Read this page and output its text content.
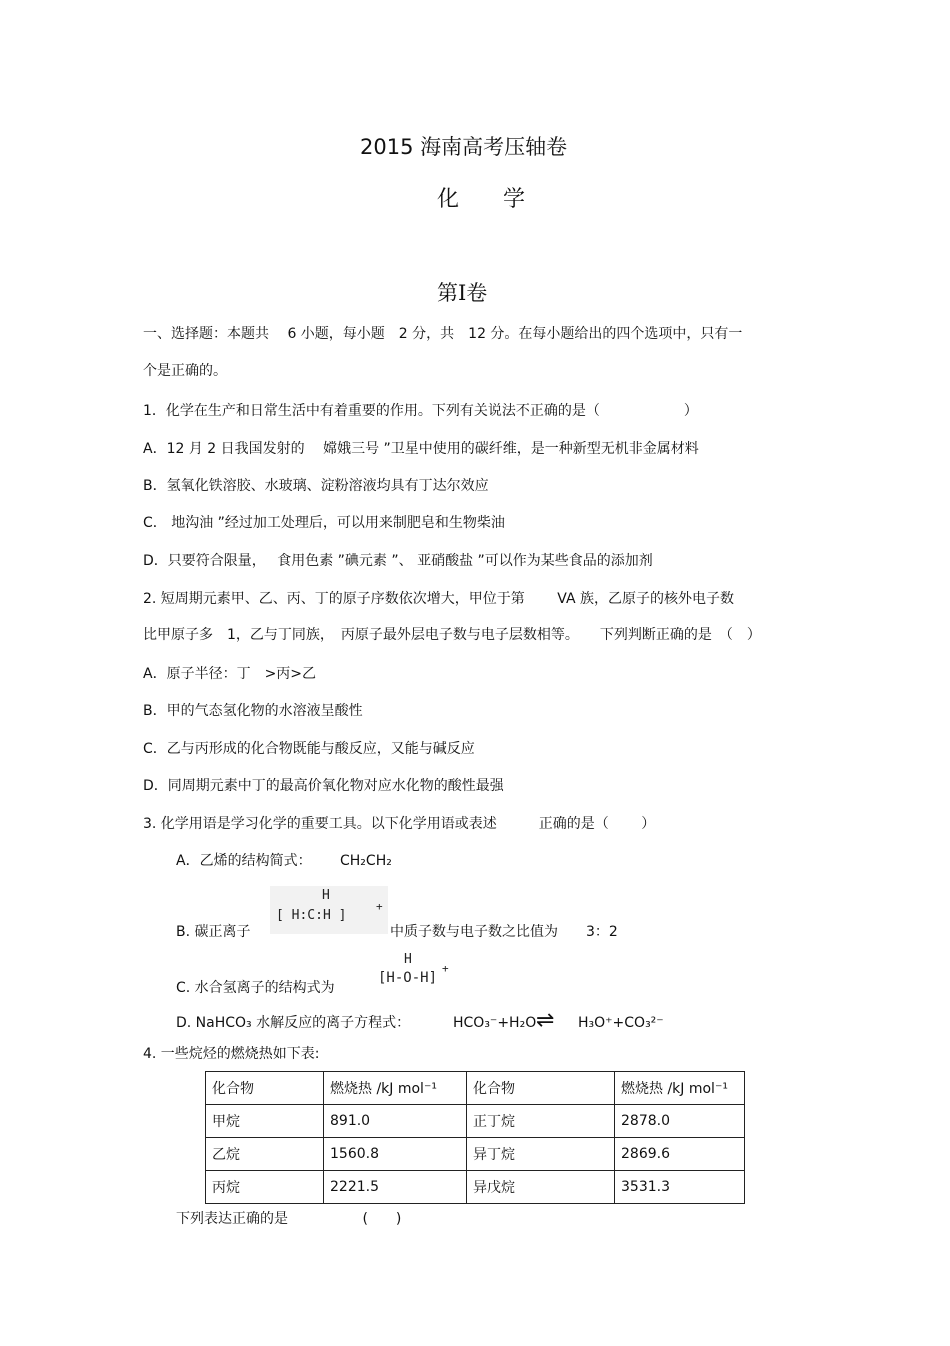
2015 海南高考压轴卷
化　　学
第Ⅰ卷
一、选择题：本题共　 6 小题，每小题　2 分，共　12 分。在每小题给出的四个选项中，只有一
个是正确的。
1．化学在生产和日常生活中有着重要的作用。下列有关说法不正确的是（　　　　　　）
A．12 月 2 日我国发射的　 嫦娥三号 ”卫星中使用的碳纤维，是一种新型无机非金属材料
B．氢氧化铁溶胶、水玻璃、淀粉溶液均具有丁达尔效应
C． 地沟油 ”经过加工处理后，可以用来制肥皂和生物柴油
D．只要符合限量，　 食用色素 ”碘元素 ”、 亚硝酸盐 ”可以作为某些食品的添加剂
2. 短周期元素甲、乙、丙、丁的原子序数依次增大，甲位于第　　 VA 族，乙原子的核外电子数
比甲原子多　1，乙与丁同族，　丙原子最外层电子数与电子层数相等。　　下列判断正确的是　（　）
A．原子半径：丁　>丙>乙
B．甲的气态氢化物的水溶液呈酸性
C．乙与丙形成的化合物既能与酸反应，又能与碱反应
D．同周期元素中丁的最高价氧化物对应水化物的酸性最强
3. 化学用语是学习化学的重要工具。以下化学用语或表述　　　正确的是（　　 ）
A．乙烯的结构简式： CH₂CH₂
B. 碳正离子
H
[ H:C:H ]
+
中质子数与电子数之比值为　　3：2
C. 水合氢离子的结构式为
H
[H-O-H]
+
D. NaHCO₃ 水解反应的离子方程式：	HCO₃⁻+H₂O ⇌ H₃O⁺+CO₃²⁻
4. 一些烷烃的燃烧热如下表:
化合物	燃烧热 /kJ mol⁻¹	化合物	燃烧热 /kJ mol⁻¹
甲烷	891.0	正丁烷	2878.0
乙烷	1560.8	异丁烷	2869.6
丙烷	2221.5	异戊烷	3531.3
下列表达正确的是　　　　　 (　　)
